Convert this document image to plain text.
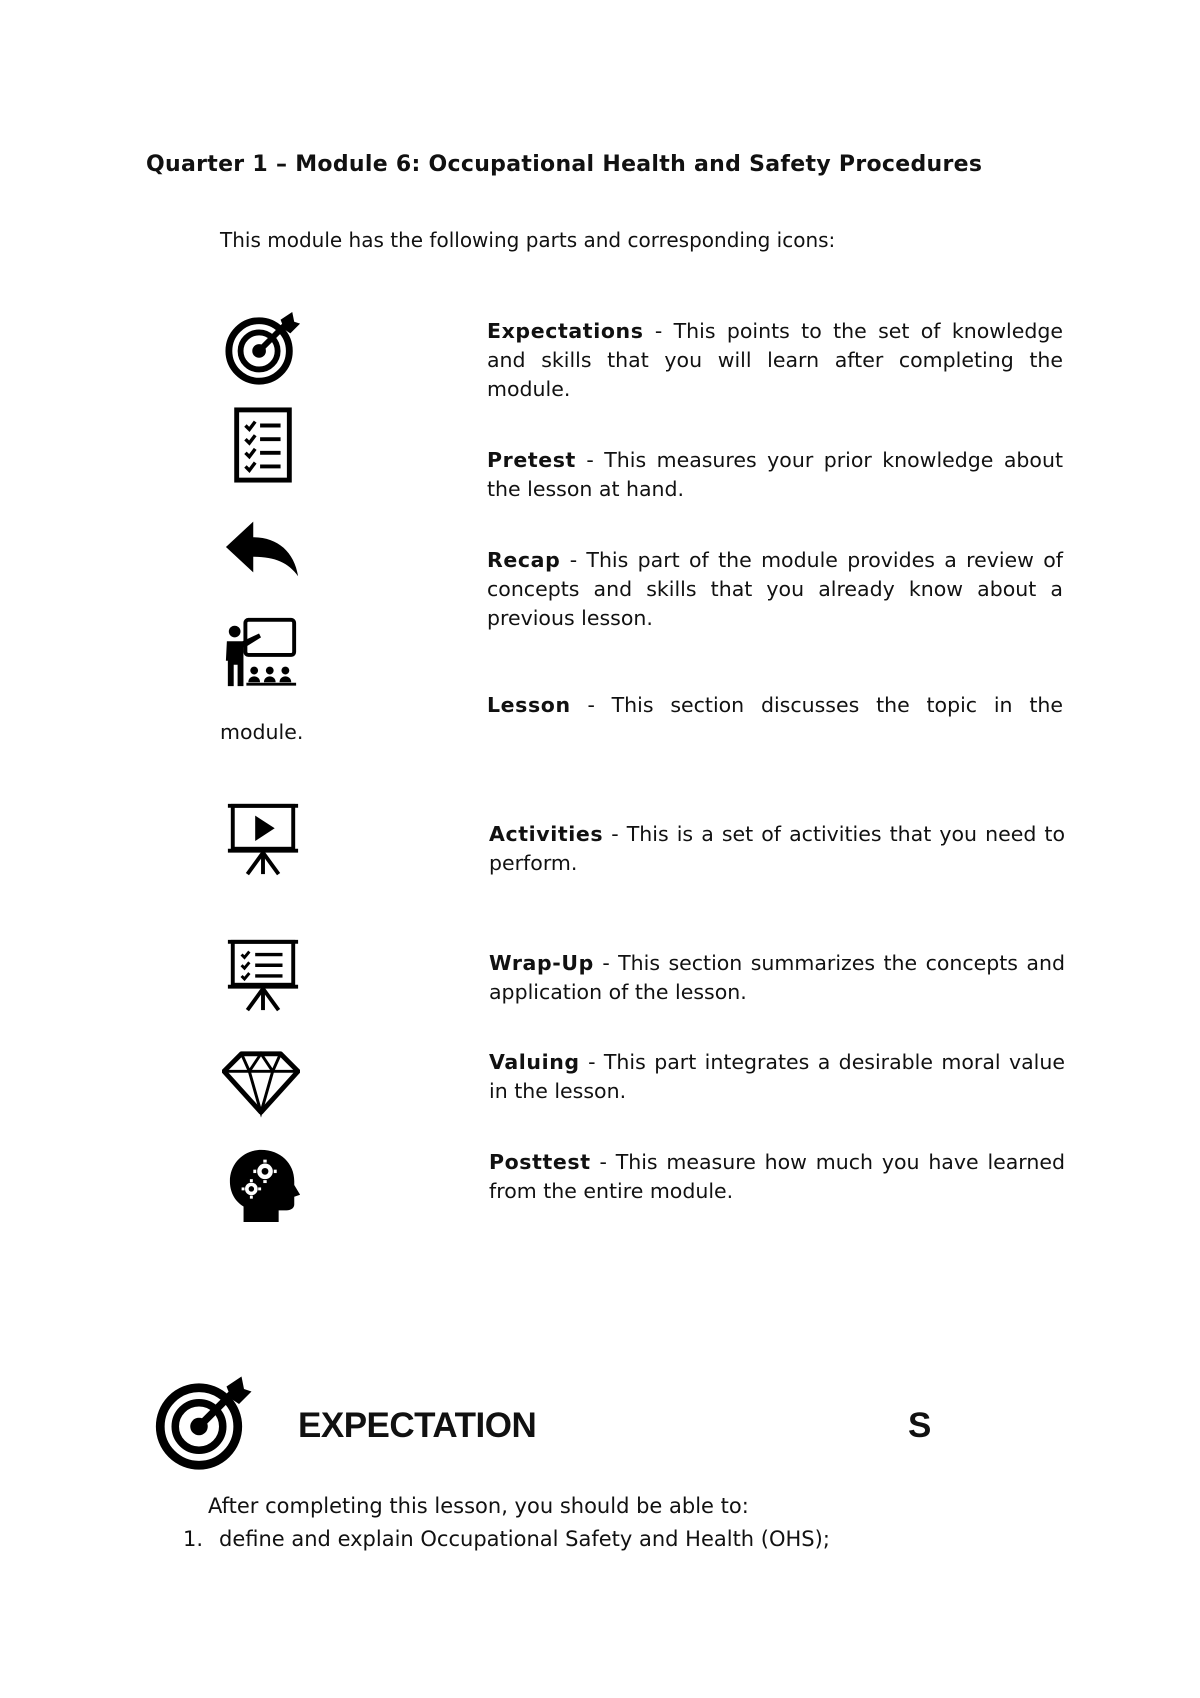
Quarter 1 – Module 6: Occupational Health and Safety Procedures
This module has the following parts and corresponding icons:
Expectations - This points to the set of knowledge and skills that you will learn after completing the module.
Pretest - This measures your prior knowledge about the lesson at hand.
Recap - This part of the module provides a review of concepts and skills that you already know about a previous lesson.
Lesson - This section discusses the topic in the
module.
Activities - This is a set of activities that you need to perform.
Wrap-Up - This section summarizes the concepts and application of the lesson.
Valuing - This part integrates a desirable moral value in the lesson.
Posttest - This measure how much you have learned from the entire module.
EXPECTATION	S
After completing this lesson, you should be able to:
1. define and explain Occupational Safety and Health (OHS);
